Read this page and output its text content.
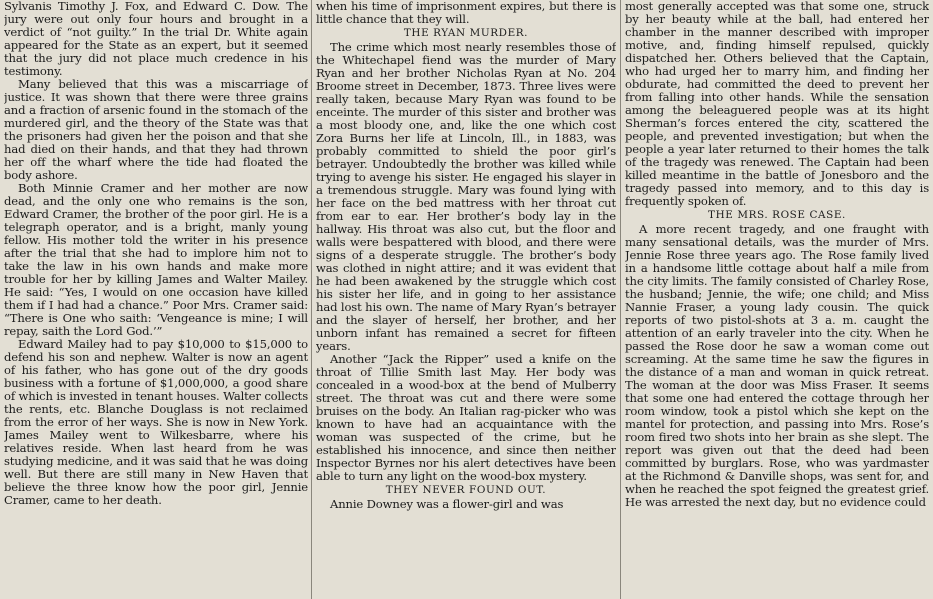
Sylvanis Timothy J. Fox, and Edward C. Dow. The jury were out only four hours and brought in a verdict of “not guilty.” In the trial Dr. White again appeared for the State as an expert, but it seemed that the jury did not place much credence in his testimony.

Many believed that this was a miscarriage of justice. It was shown that there were three grains and a fraction of arsenic found in the stomach of the murdered girl, and the theory of the State was that the prisoners had given her the poison and that she had died on their hands, and that they had thrown her off the wharf where the tide had floated the body ashore.

Both Minnie Cramer and her mother are now dead, and the only one who remains is the son, Edward Cramer, the brother of the poor girl. He is a telegraph operator, and is a bright, manly young fellow. His mother told the writer in his presence after the trial that she had to implore him not to take the law in his own hands and make more trouble for her by killing James and Walter Mailey. He said: “Yes, I would on one occasion have killed them if I had had a chance.” Poor Mrs. Cramer said: “There is One who saith: ‘Vengeance is mine; I will repay, saith the Lord God.’”

Edward Mailey had to pay $10,000 to $15,000 to defend his son and nephew. Walter is now an agent of his father, who has gone out of the dry goods business with a fortune of $1,000,000, a good share of which is invested in tenant houses. Walter collects the rents, etc. Blanche Douglass is not reclaimed from the error of her ways. She is now in New York. James Mailey went to Wilkesbarre, where his relatives reside. When last heard from he was studying medicine, and it was said that he was doing well. But there are still many in New Haven that believe the three know how the poor girl, Jennie Cramer, came to her death.

when his time of imprisonment expires, but there is little chance that they will.

THE RYAN MURDER.

The crime which most nearly resembles those of the Whitechapel fiend was the murder of Mary Ryan and her brother Nicholas Ryan at No. 204 Broome street in December, 1873. Three lives were really taken, because Mary Ryan was found to be enceinte. The murder of this sister and brother was a most bloody one, and, like the one which cost Zora Burns her life at Lincoln, Ill., in 1883, was probably committed to shield the poor girl’s betrayer. Undoubtedly the brother was killed while trying to avenge his sister. He engaged his slayer in a tremendous struggle. Mary was found lying with her face on the bed mattress with her throat cut from ear to ear. Her brother’s body lay in the hallway. His throat was also cut, but the floor and walls were bespattered with blood, and there were signs of a desperate struggle. The brother’s body was clothed in night attire; and it was evident that he had been awakened by the struggle which cost his sister her life, and in going to her assistance had lost his own. The name of Mary Ryan’s betrayer and the slayer of herself, her brother, and her unborn infant has remained a secret for fifteen years.

Another “Jack the Ripper” used a knife on the throat of Tillie Smith last May. Her body was concealed in a wood-box at the bend of Mulberry street. The throat was cut and there were some bruises on the body. An Italian rag-picker who was known to have had an acquaintance with the woman was suspected of the crime, but he established his innocence, and since then neither Inspector Byrnes nor his alert detectives have been able to turn any light on the wood-box mystery.

THEY NEVER FOUND OUT.

Annie Downey was a flower-girl and was

most generally accepted was that some one, struck by her beauty while at the ball, had entered her chamber in the manner described with improper motive, and, finding himself repulsed, quickly dispatched her. Others believed that the Captain, who had urged her to marry him, and finding her obdurate, had committed the deed to prevent her from falling into other hands. While the sensation among the beleaguered people was at its hight Sherman’s forces entered the city, scattered the people, and prevented investigation; but when the people a year later returned to their homes the talk of the tragedy was renewed. The Captain had been killed meantime in the battle of Jonesboro and the tragedy passed into memory, and to this day is frequently spoken of.

THE MRS. ROSE CASE.

A more recent tragedy, and one fraught with many sensational details, was the murder of Mrs. Jennie Rose three years ago. The Rose family lived in a handsome little cottage about half a mile from the city limits. The family consisted of Charley Rose, the husband; Jennie, the wife; one child; and Miss Nannie Fraser, a young lady cousin. The quick reports of two pistol-shots at 3 a. m. caught the attention of an early traveler into the city. When he passed the Rose door he saw a woman come out screaming. At the same time he saw the figures in the distance of a man and woman in quick retreat. The woman at the door was Miss Fraser. It seems that some one had entered the cottage through her room window, took a pistol which she kept on the mantel for protection, and passing into Mrs. Rose’s room fired two shots into her brain as she slept. The report was given out that the deed had been committed by burglars. Rose, who was yardmaster at the Richmond & Danville shops, was sent for, and when he reached the spot feigned the greatest grief. He was arrested the next day, but no evidence could
